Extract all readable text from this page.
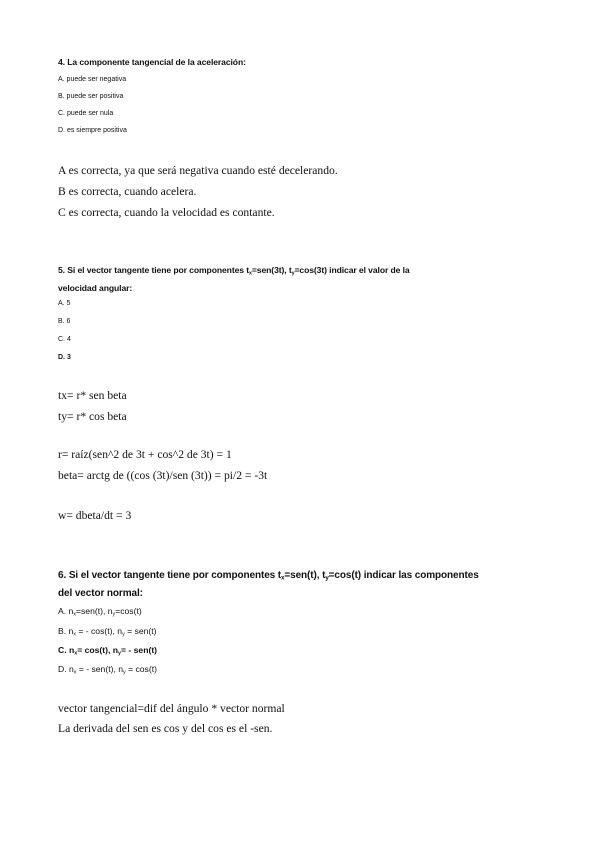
4. La componente tangencial de la aceleración:
A. puede ser negativa
B. puede ser positiva
C. puede ser nula
D. es siempre positiva
A es correcta, ya que será negativa cuando esté decelerando.
B es correcta, cuando acelera.
C es correcta, cuando la velocidad es contante.
5. Si el vector tangente tiene por componentes $t_x=sen(3t)$, $t_y=\cos(3t)$ indicar el valor de la
velocidad angular:
A. 5
B. 6
C. 4
D. 3
tx= r* sen beta
ty= r* cos beta
r= raíz(sen^2 de 3t + cos^2 de 3t) = 1
beta= arctg de ((cos (3t)/sen (3t)) = pi/2 = -3t
w= dbeta/dt = 3
6. Si el vector tangente tiene por componentes $t_x=sen(t)$, $t_y=\cos(t)$ indicar las componentes
del vector normal:
A. $n_x=sen(t)$, $n_y=\cos(t)$
B. $n_x$ = - cos(t), $n_y = sen(t)$
C. $n_x= \cos(t)$, $n_y= - sen(t)$
D. $n_x$ = - sen(t), $n_y = \cos(t)$
vector tangencial=dif del ángulo * vector normal
La derivada del sen es cos y del cos es el -sen.
